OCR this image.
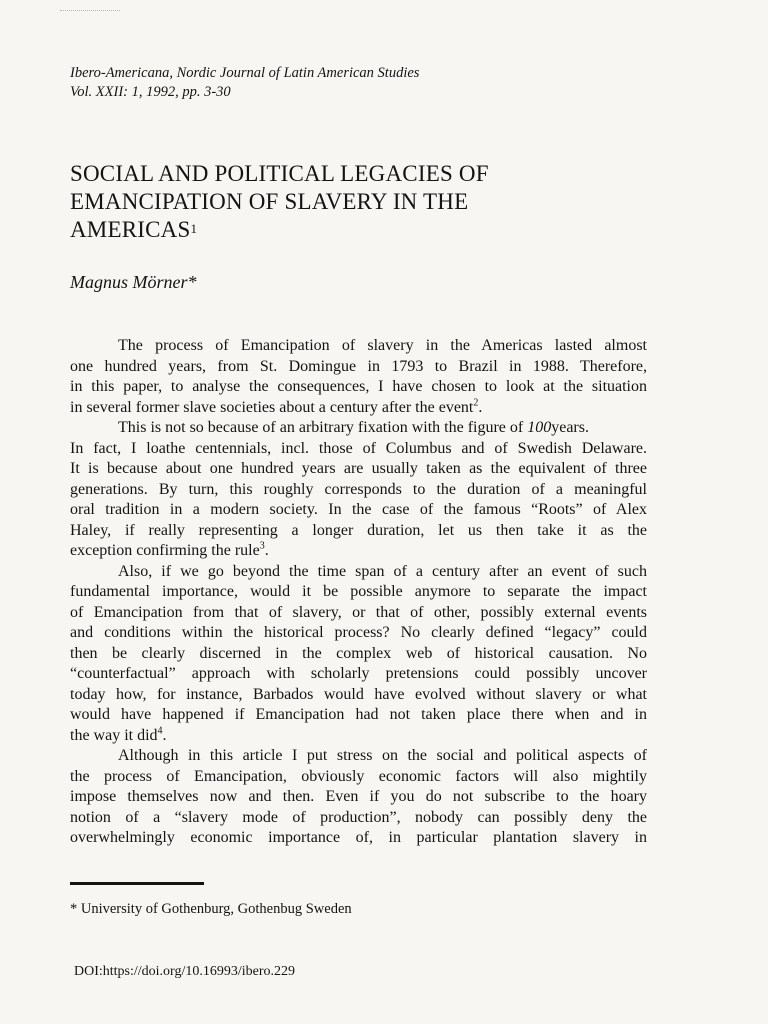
Ibero-Americana, Nordic Journal of Latin American Studies
Vol. XXII: 1, 1992, pp. 3-30
SOCIAL AND POLITICAL LEGACIES OF
EMANCIPATION OF SLAVERY IN THE
AMERICAS$^1$
Magnus Mörner*
The process of Emancipation of slavery in the Americas lasted almost
one hundred years, from St. Domingue in 1793 to Brazil in 1988. Therefore,
in this paper, to analyse the consequences, I have chosen to look at the situation
in several former slave societies about a century after the event$^2$.
This is not so because of an arbitrary fixation with the figure of 100years.
In fact, I loathe centennials, incl. those of Columbus and of Swedish Delaware.
It is because about one hundred years are usually taken as the equivalent of three
generations. By turn, this roughly corresponds to the duration of a meaningful
oral tradition in a modern society. In the case of the famous “Roots” of Alex
Haley, if really representing a longer duration, let us then take it as the
exception confirming the rule$^3$.
Also, if we go beyond the time span of a century after an event of such
fundamental importance, would it be possible anymore to separate the impact
of Emancipation from that of slavery, or that of other, possibly external events
and conditions within the historical process? No clearly defined “legacy” could
then be clearly discerned in the complex web of historical causation. No
“counterfactual” approach with scholarly pretensions could possibly uncover
today how, for instance, Barbados would have evolved without slavery or what
would have happened if Emancipation had not taken place there when and in
the way it did$^4$.
Although in this article I put stress on the social and political aspects of
the process of Emancipation, obviously economic factors will also mightily
impose themselves now and then. Even if you do not subscribe to the hoary
notion of a “slavery mode of production”, nobody can possibly deny the
overwhelmingly economic importance of, in particular plantation slavery in
* University of Gothenburg, Gothenbug Sweden
DOI:https://doi.org/10.16993/ibero.229
